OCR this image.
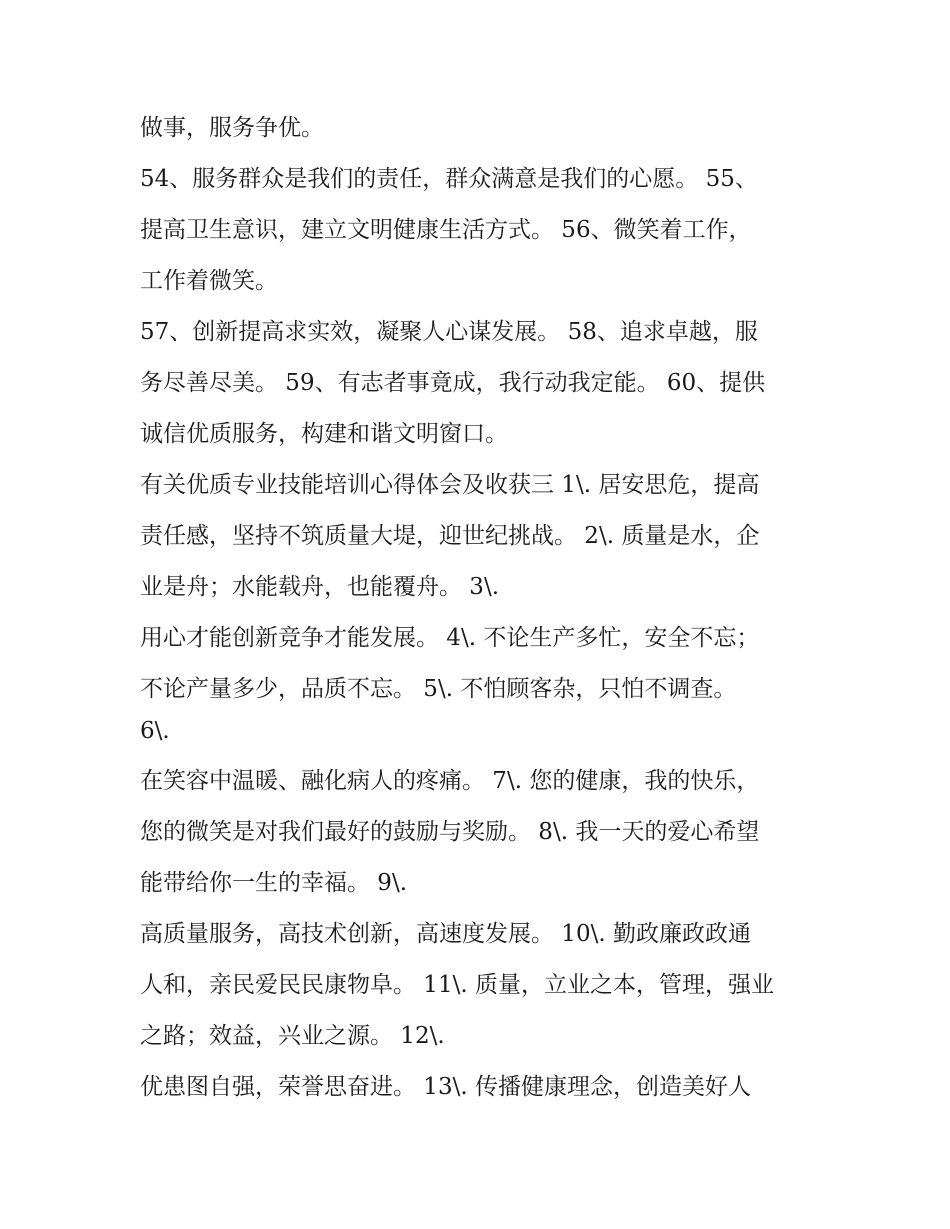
做事，服务争优。

54、服务群众是我们的责任，群众满意是我们的心愿。 55、

提高卫生意识，建立文明健康生活方式。 56、微笑着工作，

工作着微笑。

57、创新提高求实效，凝聚人心谋发展。 58、追求卓越，服

务尽善尽美。 59、有志者事竟成，我行动我定能。 60、提供

诚信优质服务，构建和谐文明窗口。

有关优质专业技能培训心得体会及收获三 1\. 居安思危，提高

责任感，坚持不筑质量大堤，迎世纪挑战。 2\. 质量是水，企

业是舟；水能载舟，也能覆舟。 3\.

用心才能创新竞争才能发展。 4\. 不论生产多忙，安全不忘；

不论产量多少，品质不忘。 5\. 不怕顾客杂，只怕不调查。

6\.

在笑容中温暖、融化病人的疼痛。 7\. 您的健康，我的快乐，

您的微笑是对我们最好的鼓励与奖励。 8\. 我一天的爱心希望

能带给你一生的幸福。 9\.

高质量服务，高技术创新，高速度发展。 10\. 勤政廉政政通

人和，亲民爱民民康物阜。 11\. 质量，立业之本，管理，强业

之路；效益，兴业之源。 12\.

优患图自强，荣誉思奋进。 13\. 传播健康理念，创造美好人
